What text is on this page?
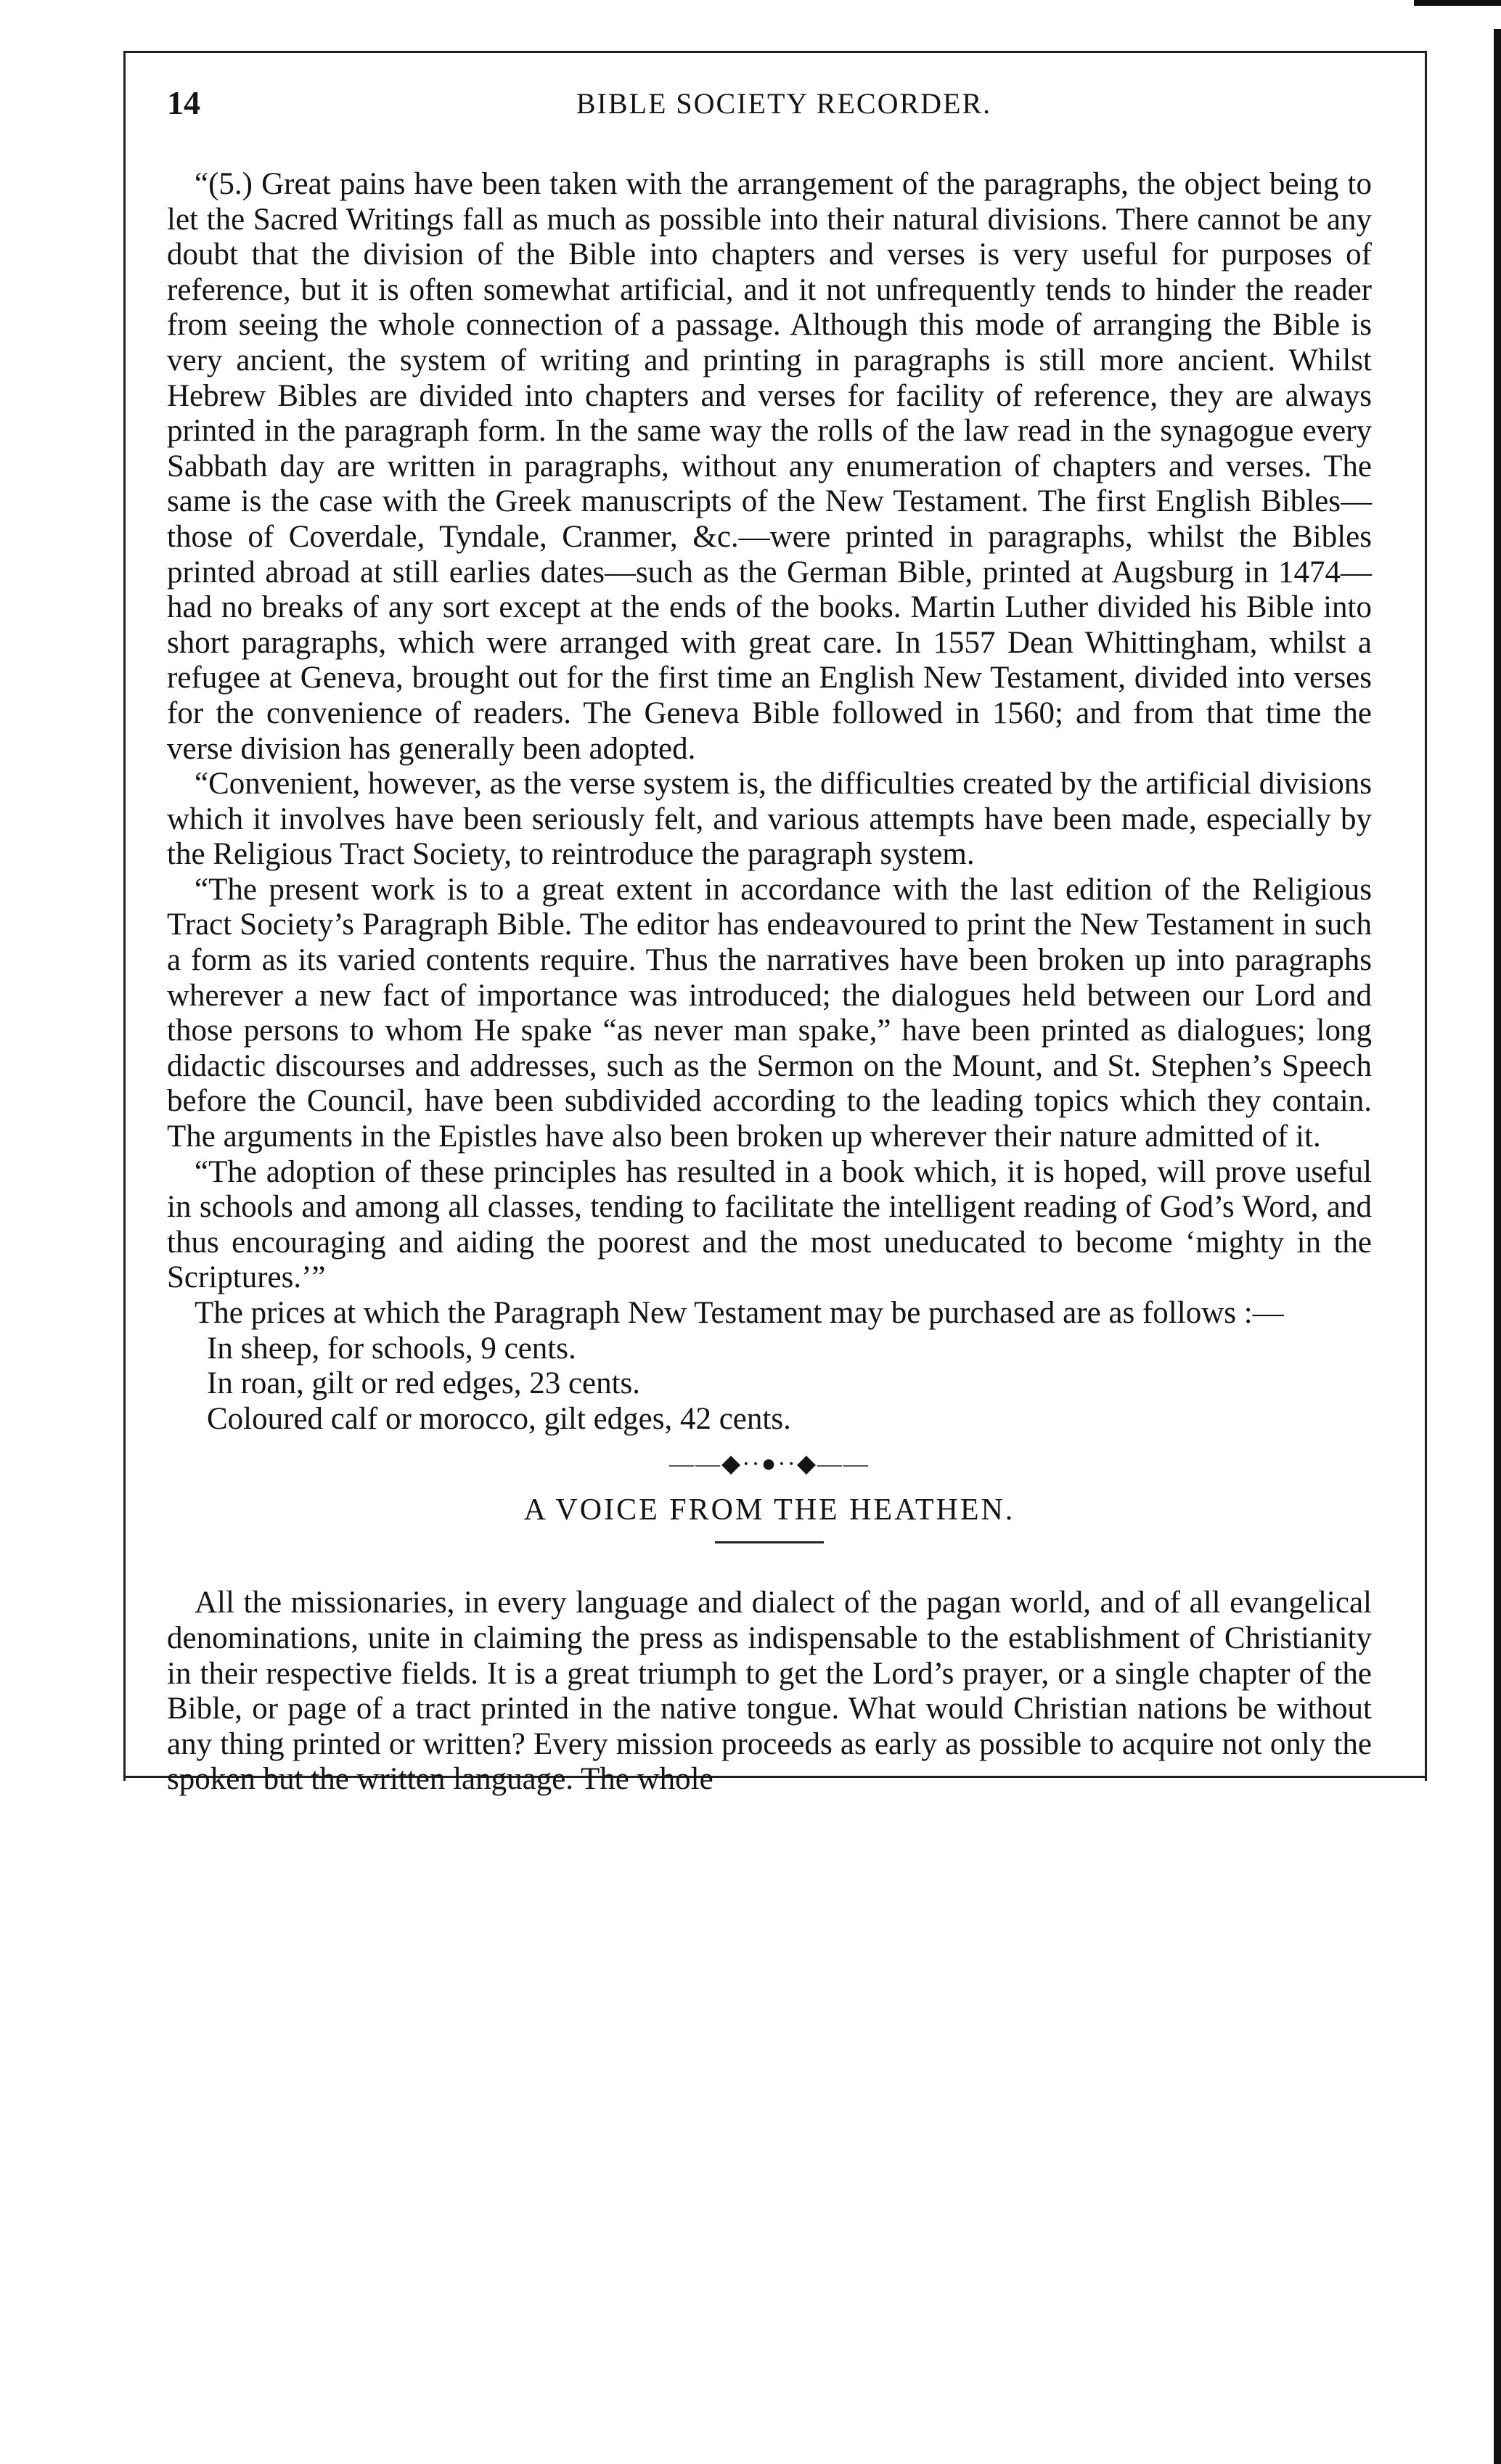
14	BIBLE SOCIETY RECORDER.

“(5.) Great pains have been taken with the arrangement of the paragraphs, the object being to let the Sacred Writings fall as much as possible into their natural divisions. There cannot be any doubt that the division of the Bible into chapters and verses is very useful for purposes of reference, but it is often somewhat artificial, and it not unfrequently tends to hinder the reader from seeing the whole connection of a passage. Although this mode of arranging the Bible is very ancient, the system of writing and printing in paragraphs is still more ancient. Whilst Hebrew Bibles are divided into chapters and verses for facility of reference, they are always printed in the paragraph form. In the same way the rolls of the law read in the synagogue every Sabbath day are written in paragraphs, without any enumeration of chapters and verses. The same is the case with the Greek manuscripts of the New Testament. The first English Bibles—those of Coverdale, Tyndale, Cranmer, &c.—were printed in paragraphs, whilst the Bibles printed abroad at still earlies dates—such as the German Bible, printed at Augsburg in 1474—had no breaks of any sort except at the ends of the books. Martin Luther divided his Bible into short paragraphs, which were arranged with great care. In 1557 Dean Whittingham, whilst a refugee at Geneva, brought out for the first time an English New Testament, divided into verses for the convenience of readers. The Geneva Bible followed in 1560; and from that time the verse division has generally been adopted.

“Convenient, however, as the verse system is, the difficulties created by the artificial divisions which it involves have been seriously felt, and various attempts have been made, especially by the Religious Tract Society, to reintroduce the paragraph system.

“The present work is to a great extent in accordance with the last edition of the Religious Tract Society’s Paragraph Bible. The editor has endeavoured to print the New Testament in such a form as its varied contents require. Thus the narratives have been broken up into paragraphs wherever a new fact of importance was introduced; the dialogues held between our Lord and those persons to whom He spake “as never man spake,” have been printed as dialogues; long didactic discourses and addresses, such as the Sermon on the Mount, and St. Stephen’s Speech before the Council, have been subdivided according to the leading topics which they contain. The arguments in the Epistles have also been broken up wherever their nature admitted of it.

“The adoption of these principles has resulted in a book which, it is hoped, will prove useful in schools and among all classes, tending to facilitate the intelligent reading of God’s Word, and thus encouraging and aiding the poorest and the most uneducated to become ‘mighty in the Scriptures.’”

The prices at which the Paragraph New Testament may be purchased are as follows :—

In sheep, for schools, 9 cents.

In roan, gilt or red edges, 23 cents.

Coloured calf or morocco, gilt edges, 42 cents.

——◆··●··◆——
A VOICE FROM THE HEATHEN.

All the missionaries, in every language and dialect of the pagan world, and of all evangelical denominations, unite in claiming the press as indispensable to the establishment of Christianity in their respective fields. It is a great triumph to get the Lord’s prayer, or a single chapter of the Bible, or page of a tract printed in the native tongue. What would Christian nations be without any thing printed or written? Every mission proceeds as early as possible to acquire not only the spoken but the written language. The whole
